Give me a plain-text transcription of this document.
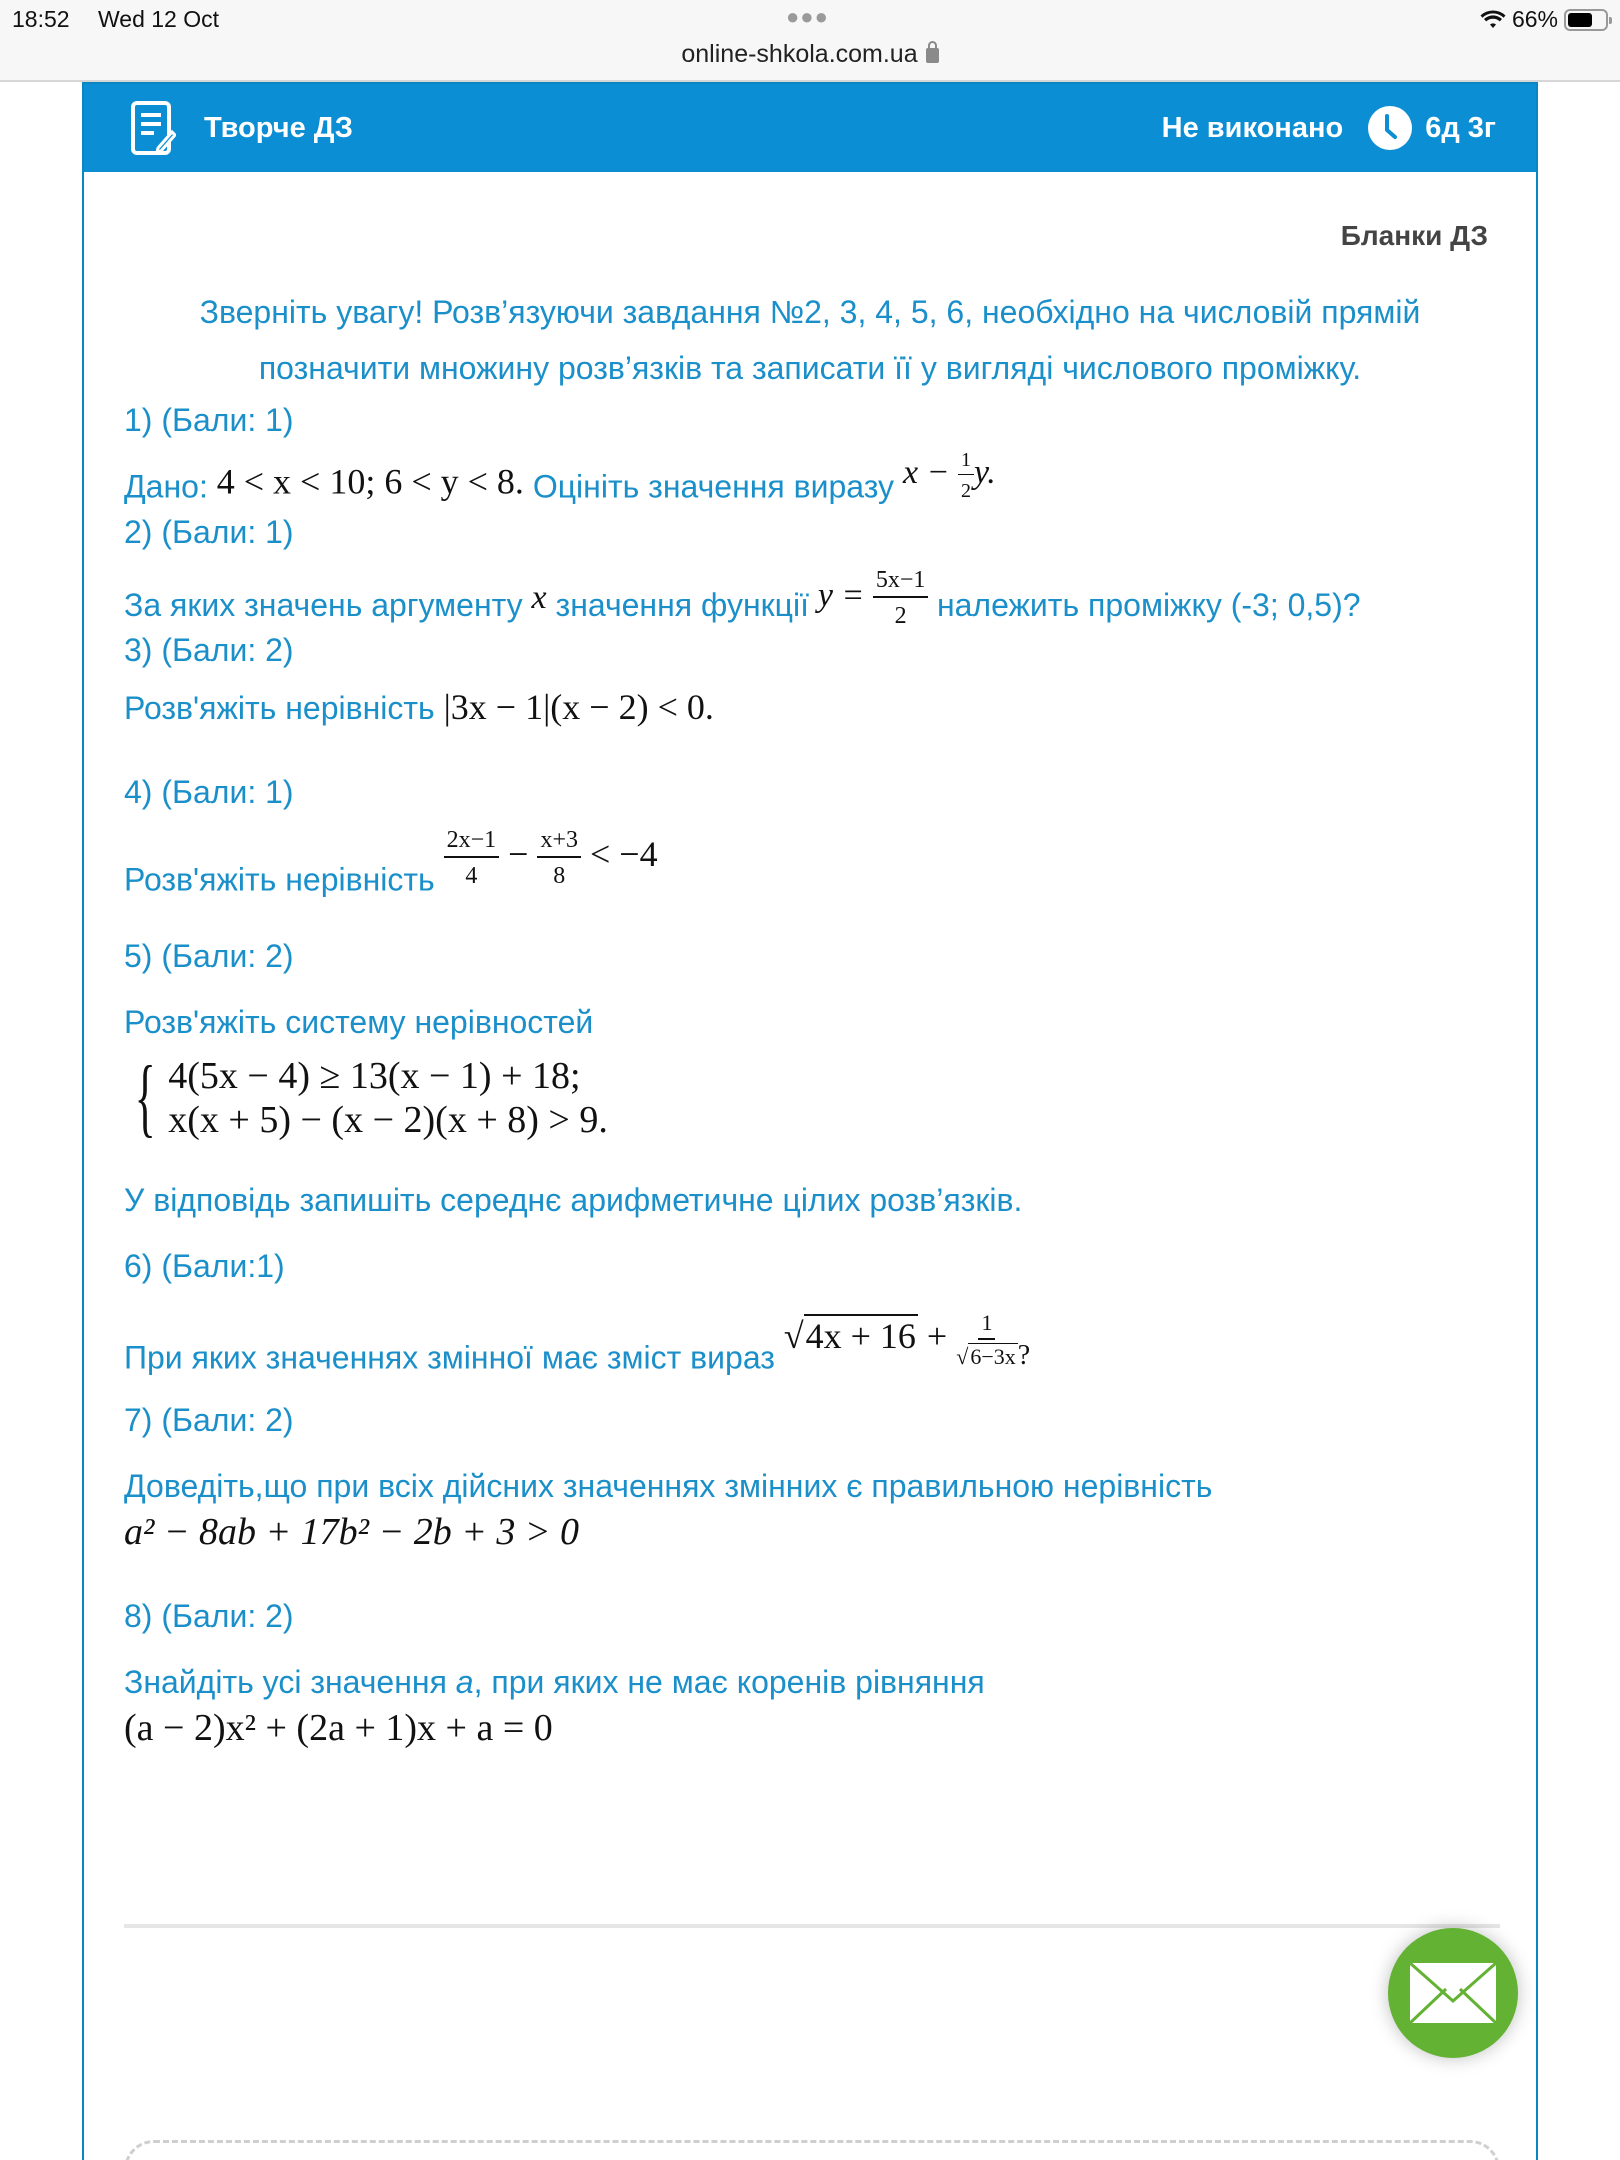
18:52 Wed 12 Oct	●●●	66%
online-shkola.com.ua
Творче ДЗ	Не виконано	6д 3г
Бланки ДЗ
Зверніть увагу! Розв’язуючи завдання №2, 3, 4, 5, 6, необхідно на числовій прямій
позначити множину розв’язків та записати її у вигляді числового проміжку.
1) (Бали: 1)
Дано: 4 < x < 10; 6 < y < 8. Оцініть значення виразу $x - \frac{1}{2} y$.
2) (Бали: 1)
За яких значень аргументу x значення функції $y = \frac{5x-1}{2}$ належить проміжку (-3; 0,5)?
3) (Бали: 2)
Розв'яжіть нерівність |3x − 1|(x − 2) < 0.
4) (Бали: 1)
Розв'яжіть нерівність $\frac{2x-1}{4} - \frac{x+3}{8} < -4$
5) (Бали: 2)
Розв'яжіть систему нерівностей
{ 4(5x − 4) ≥ 13(x − 1) + 18;
x(x + 5) − (x − 2)(x + 8) > 9.
У відповідь запишіть середнє арифметичне цілих розв’язків.
6) (Бали:1)
При яких значеннях змінної має зміст вираз $√4x + 16 + \frac{1}{√6-3x} _?$
7) (Бали: 2)
Доведіть,що при всіх дійсних значеннях змінних є правильною нерівність
a² − 8ab + 17b² − 2b + 3 > 0
8) (Бали: 2)
Знайдіть усі значення a, при яких не має коренів рівняння
(a − 2)x² + (2a + 1)x + a = 0
